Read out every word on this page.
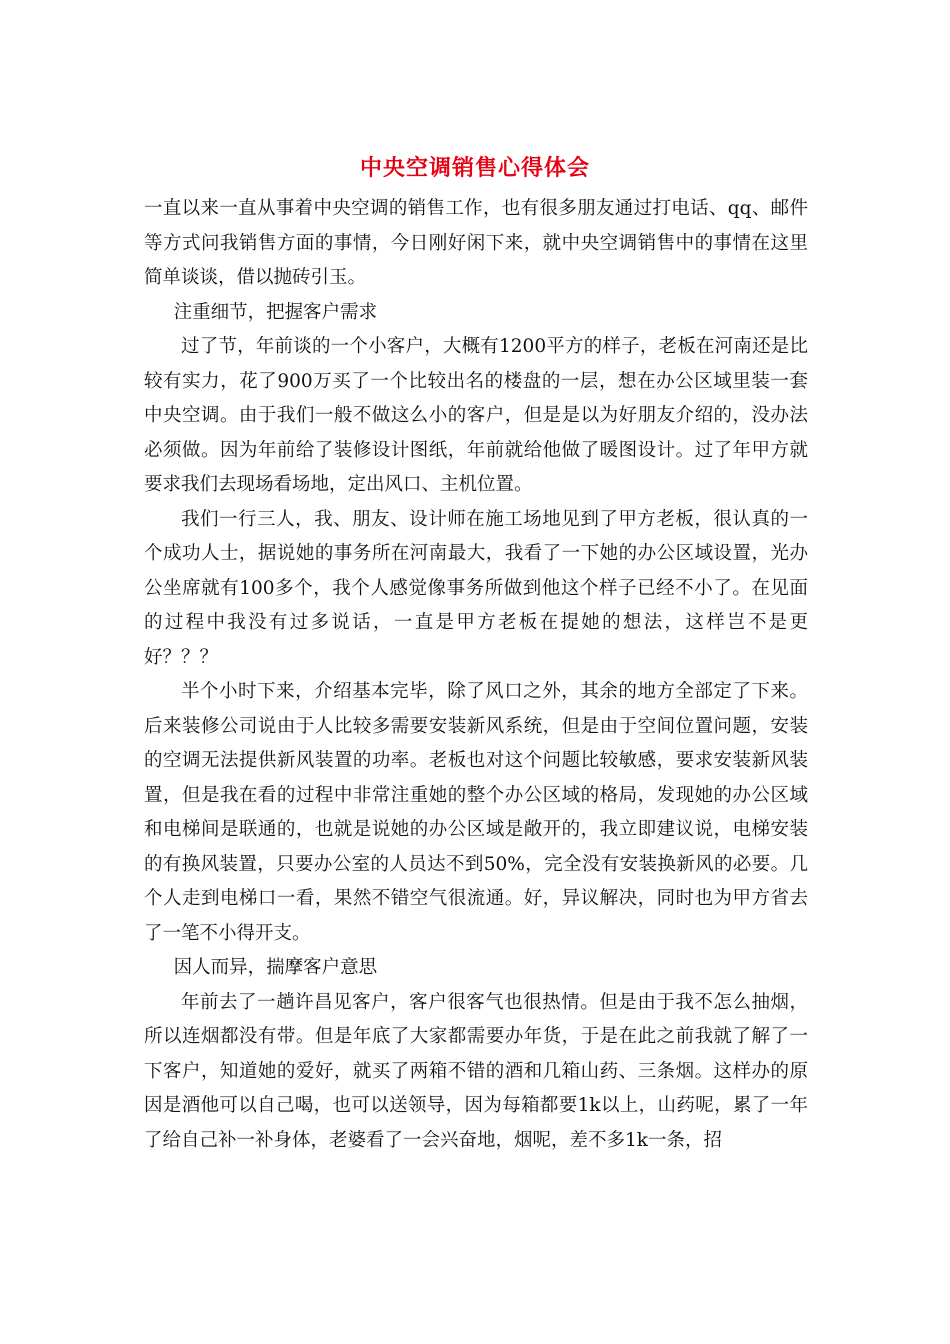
中央空调销售心得体会

一直以来一直从事着中央空调的销售工作，也有很多朋友通过打电话、qq、邮件等方式问我销售方面的事情，今日刚好闲下来，就中央空调销售中的事情在这里简单谈谈，借以抛砖引玉。

注重细节，把握客户需求

过了节，年前谈的一个小客户，大概有1200平方的样子，老板在河南还是比较有实力，花了900万买了一个比较出名的楼盘的一层，想在办公区域里装一套中央空调。由于我们一般不做这么小的客户，但是是以为好朋友介绍的，没办法必须做。因为年前给了装修设计图纸，年前就给他做了暖图设计。过了年甲方就要求我们去现场看场地，定出风口、主机位置。

我们一行三人，我、朋友、设计师在施工场地见到了甲方老板，很认真的一个成功人士，据说她的事务所在河南最大，我看了一下她的办公区域设置，光办公坐席就有100多个，我个人感觉像事务所做到他这个样子已经不小了。在见面的过程中我没有过多说话，一直是甲方老板在提她的想法，这样岂不是更好？？？

半个小时下来，介绍基本完毕，除了风口之外，其余的地方全部定了下来。后来装修公司说由于人比较多需要安装新风系统，但是由于空间位置问题，安装的空调无法提供新风装置的功率。老板也对这个问题比较敏感，要求安装新风装置，但是我在看的过程中非常注重她的整个办公区域的格局，发现她的办公区域和电梯间是联通的，也就是说她的办公区域是敞开的，我立即建议说，电梯安装的有换风装置，只要办公室的人员达不到50%，完全没有安装换新风的必要。几个人走到电梯口一看，果然不错空气很流通。好，异议解决，同时也为甲方省去了一笔不小得开支。

因人而异，揣摩客户意思

年前去了一趟许昌见客户，客户很客气也很热情。但是由于我不怎么抽烟，所以连烟都没有带。但是年底了大家都需要办年货，于是在此之前我就了解了一下客户，知道她的爱好，就买了两箱不错的酒和几箱山药、三条烟。这样办的原因是酒他可以自己喝，也可以送领导，因为每箱都要1k以上，山药呢，累了一年了给自己补一补身体，老婆看了一会兴奋地，烟呢，差不多1k一条，招
